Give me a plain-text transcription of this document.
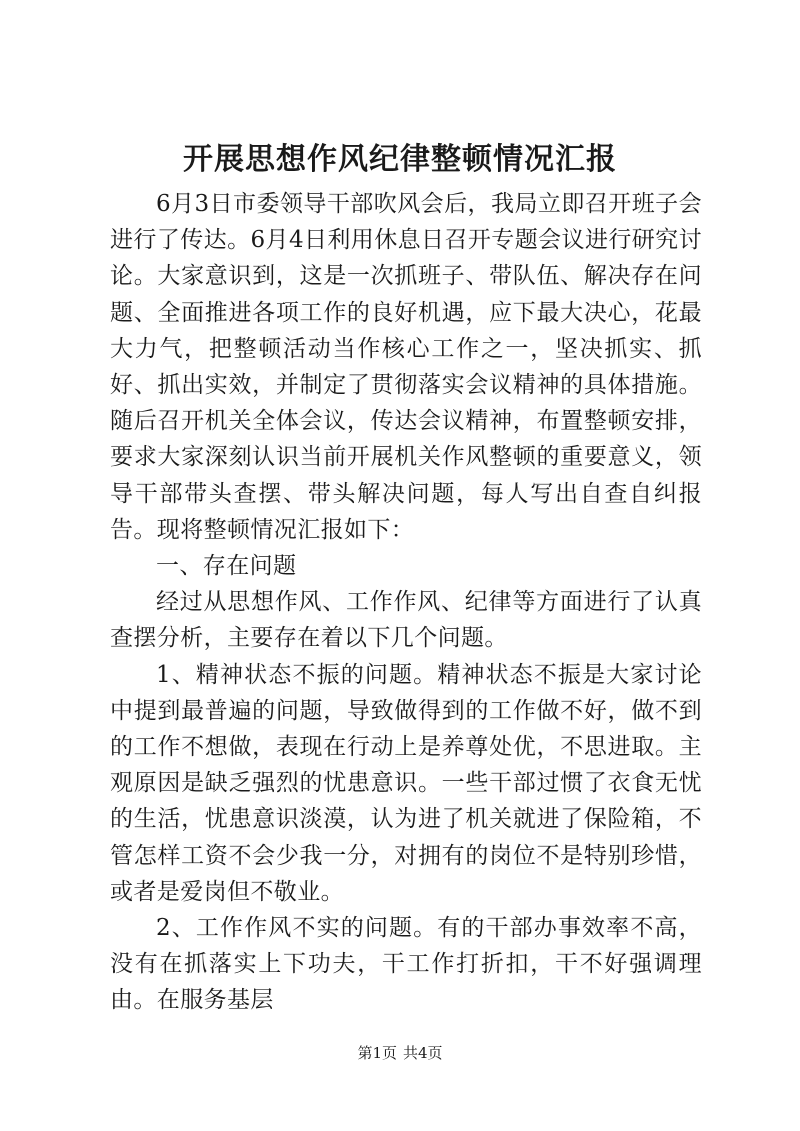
开展思想作风纪律整顿情况汇报

6月3日市委领导干部吹风会后，我局立即召开班子会进行了传达。6月4日利用休息日召开专题会议进行研究讨论。大家意识到，这是一次抓班子、带队伍、解决存在问题、全面推进各项工作的良好机遇，应下最大决心，花最大力气，把整顿活动当作核心工作之一，坚决抓实、抓好、抓出实效，并制定了贯彻落实会议精神的具体措施。随后召开机关全体会议，传达会议精神，布置整顿安排，要求大家深刻认识当前开展机关作风整顿的重要意义，领导干部带头查摆、带头解决问题，每人写出自查自纠报告。现将整顿情况汇报如下：

一、存在问题

经过从思想作风、工作作风、纪律等方面进行了认真查摆分析，主要存在着以下几个问题。

1、精神状态不振的问题。精神状态不振是大家讨论中提到最普遍的问题，导致做得到的工作做不好，做不到的工作不想做，表现在行动上是养尊处优，不思进取。主观原因是缺乏强烈的忧患意识。一些干部过惯了衣食无忧的生活，忧患意识淡漠，认为进了机关就进了保险箱，不管怎样工资不会少我一分，对拥有的岗位不是特别珍惜，或者是爱岗但不敬业。

2、工作作风不实的问题。有的干部办事效率不高，没有在抓落实上下功夫，干工作打折扣，干不好强调理由。在服务基层

第1页 共4页
